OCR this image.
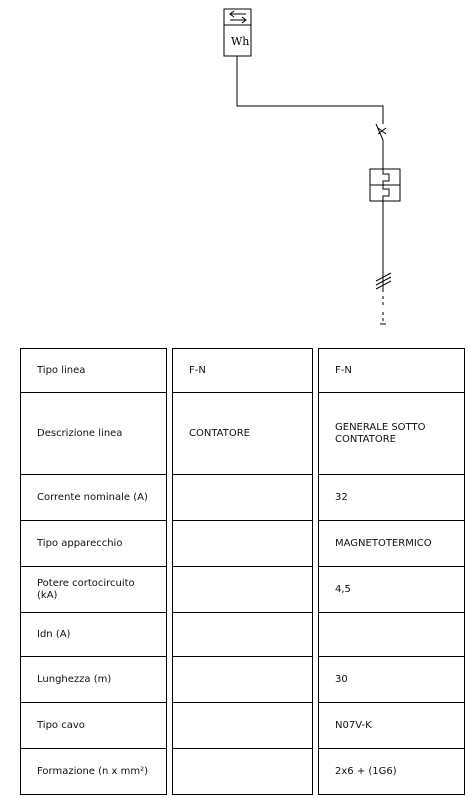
Wh
Tipo linea		F-N		F-N
Descrizione linea		CONTATORE		GENERALE SOTTO CONTATORE
Corrente nominale (A)				32
Tipo apparecchio				MAGNETOTERMICO
Potere cortocircuito (kA)				4,5
Idn (A)				
Lunghezza (m)				30
Tipo cavo				N07V-K
Formazione (n x mm²)				2x6 + (1G6)
